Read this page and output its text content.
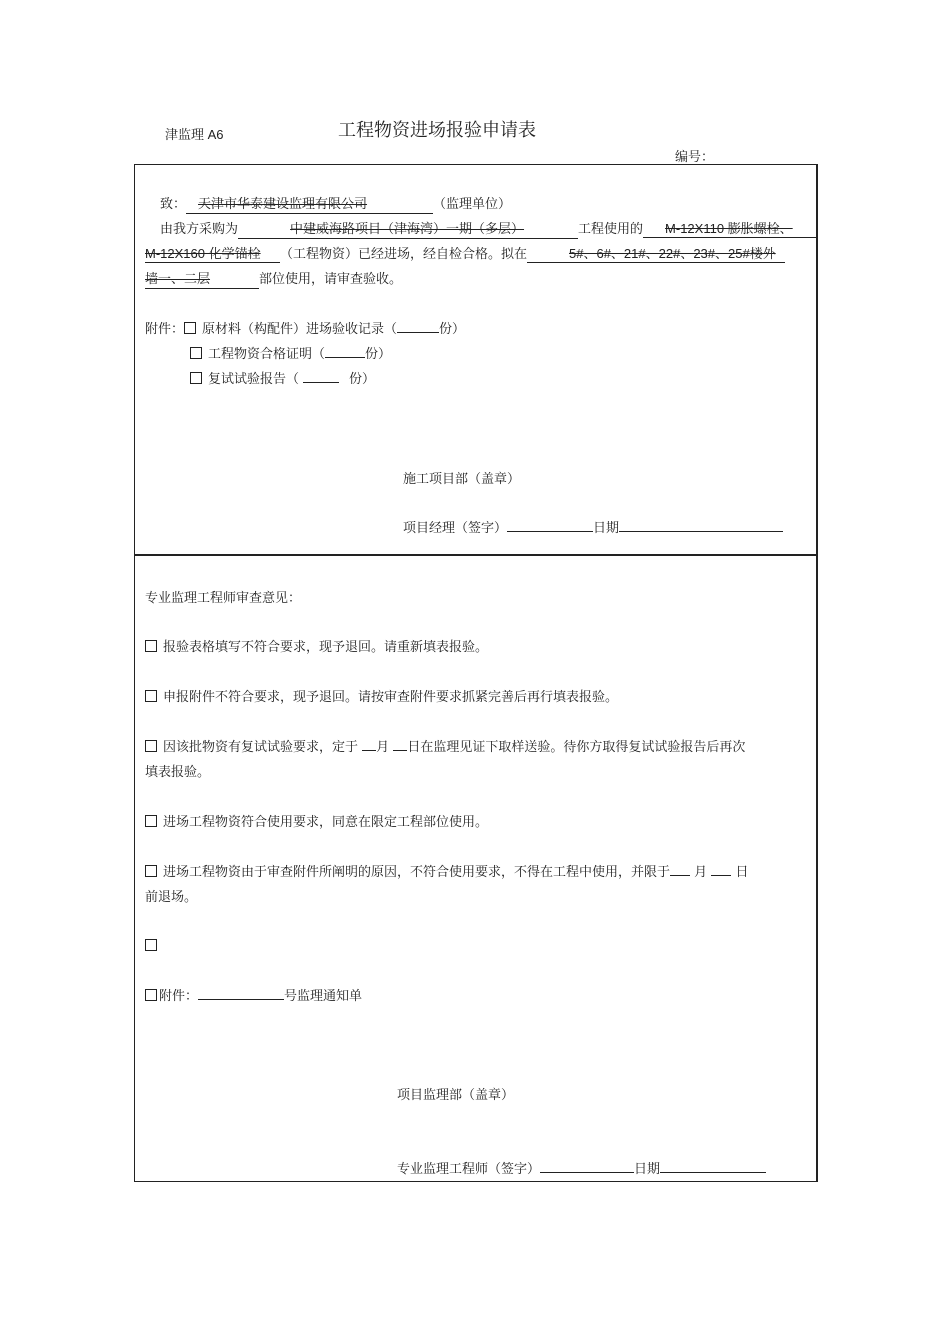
津监理 A6	工程物资进场报验申请表
编号：
致： 天津市华泰建设监理有限公司	（监理单位）
由我方采购为	中建威海路项目（津海湾）一期（多层）	工程使用的 M-12X110 膨胀螺栓、
M-12X160 化学锚栓 （工程物资）已经进场，经自检合格。拟在	5#、6#、21#、22#、23#、25#楼外
墙一、二层	部位使用，请审查验收。
附件： 原材料（构配件）进场验收记录（	份）
工程物资合格证明（	份）
复试试验报告（	份）
施工项目部（盖章）
项目经理（签字）	日期
专业监理工程师审查意见：
报验表格填写不符合要求，现予退回。请重新填表报验。
申报附件不符合要求，现予退回。请按审查附件要求抓紧完善后再行填表报验。
因该批物资有复试试验要求，定于 月 日在监理见证下取样送验。待你方取得复试试验报告后再次
填表报验。
进场工程物资符合使用要求，同意在限定工程部位使用。
进场工程物资由于审查附件所阐明的原因，不符合使用要求，不得在工程中使用，并限于 月 日
前退场。
附件：	号监理通知单
项目监理部（盖章）
专业监理工程师（签字）	日期
